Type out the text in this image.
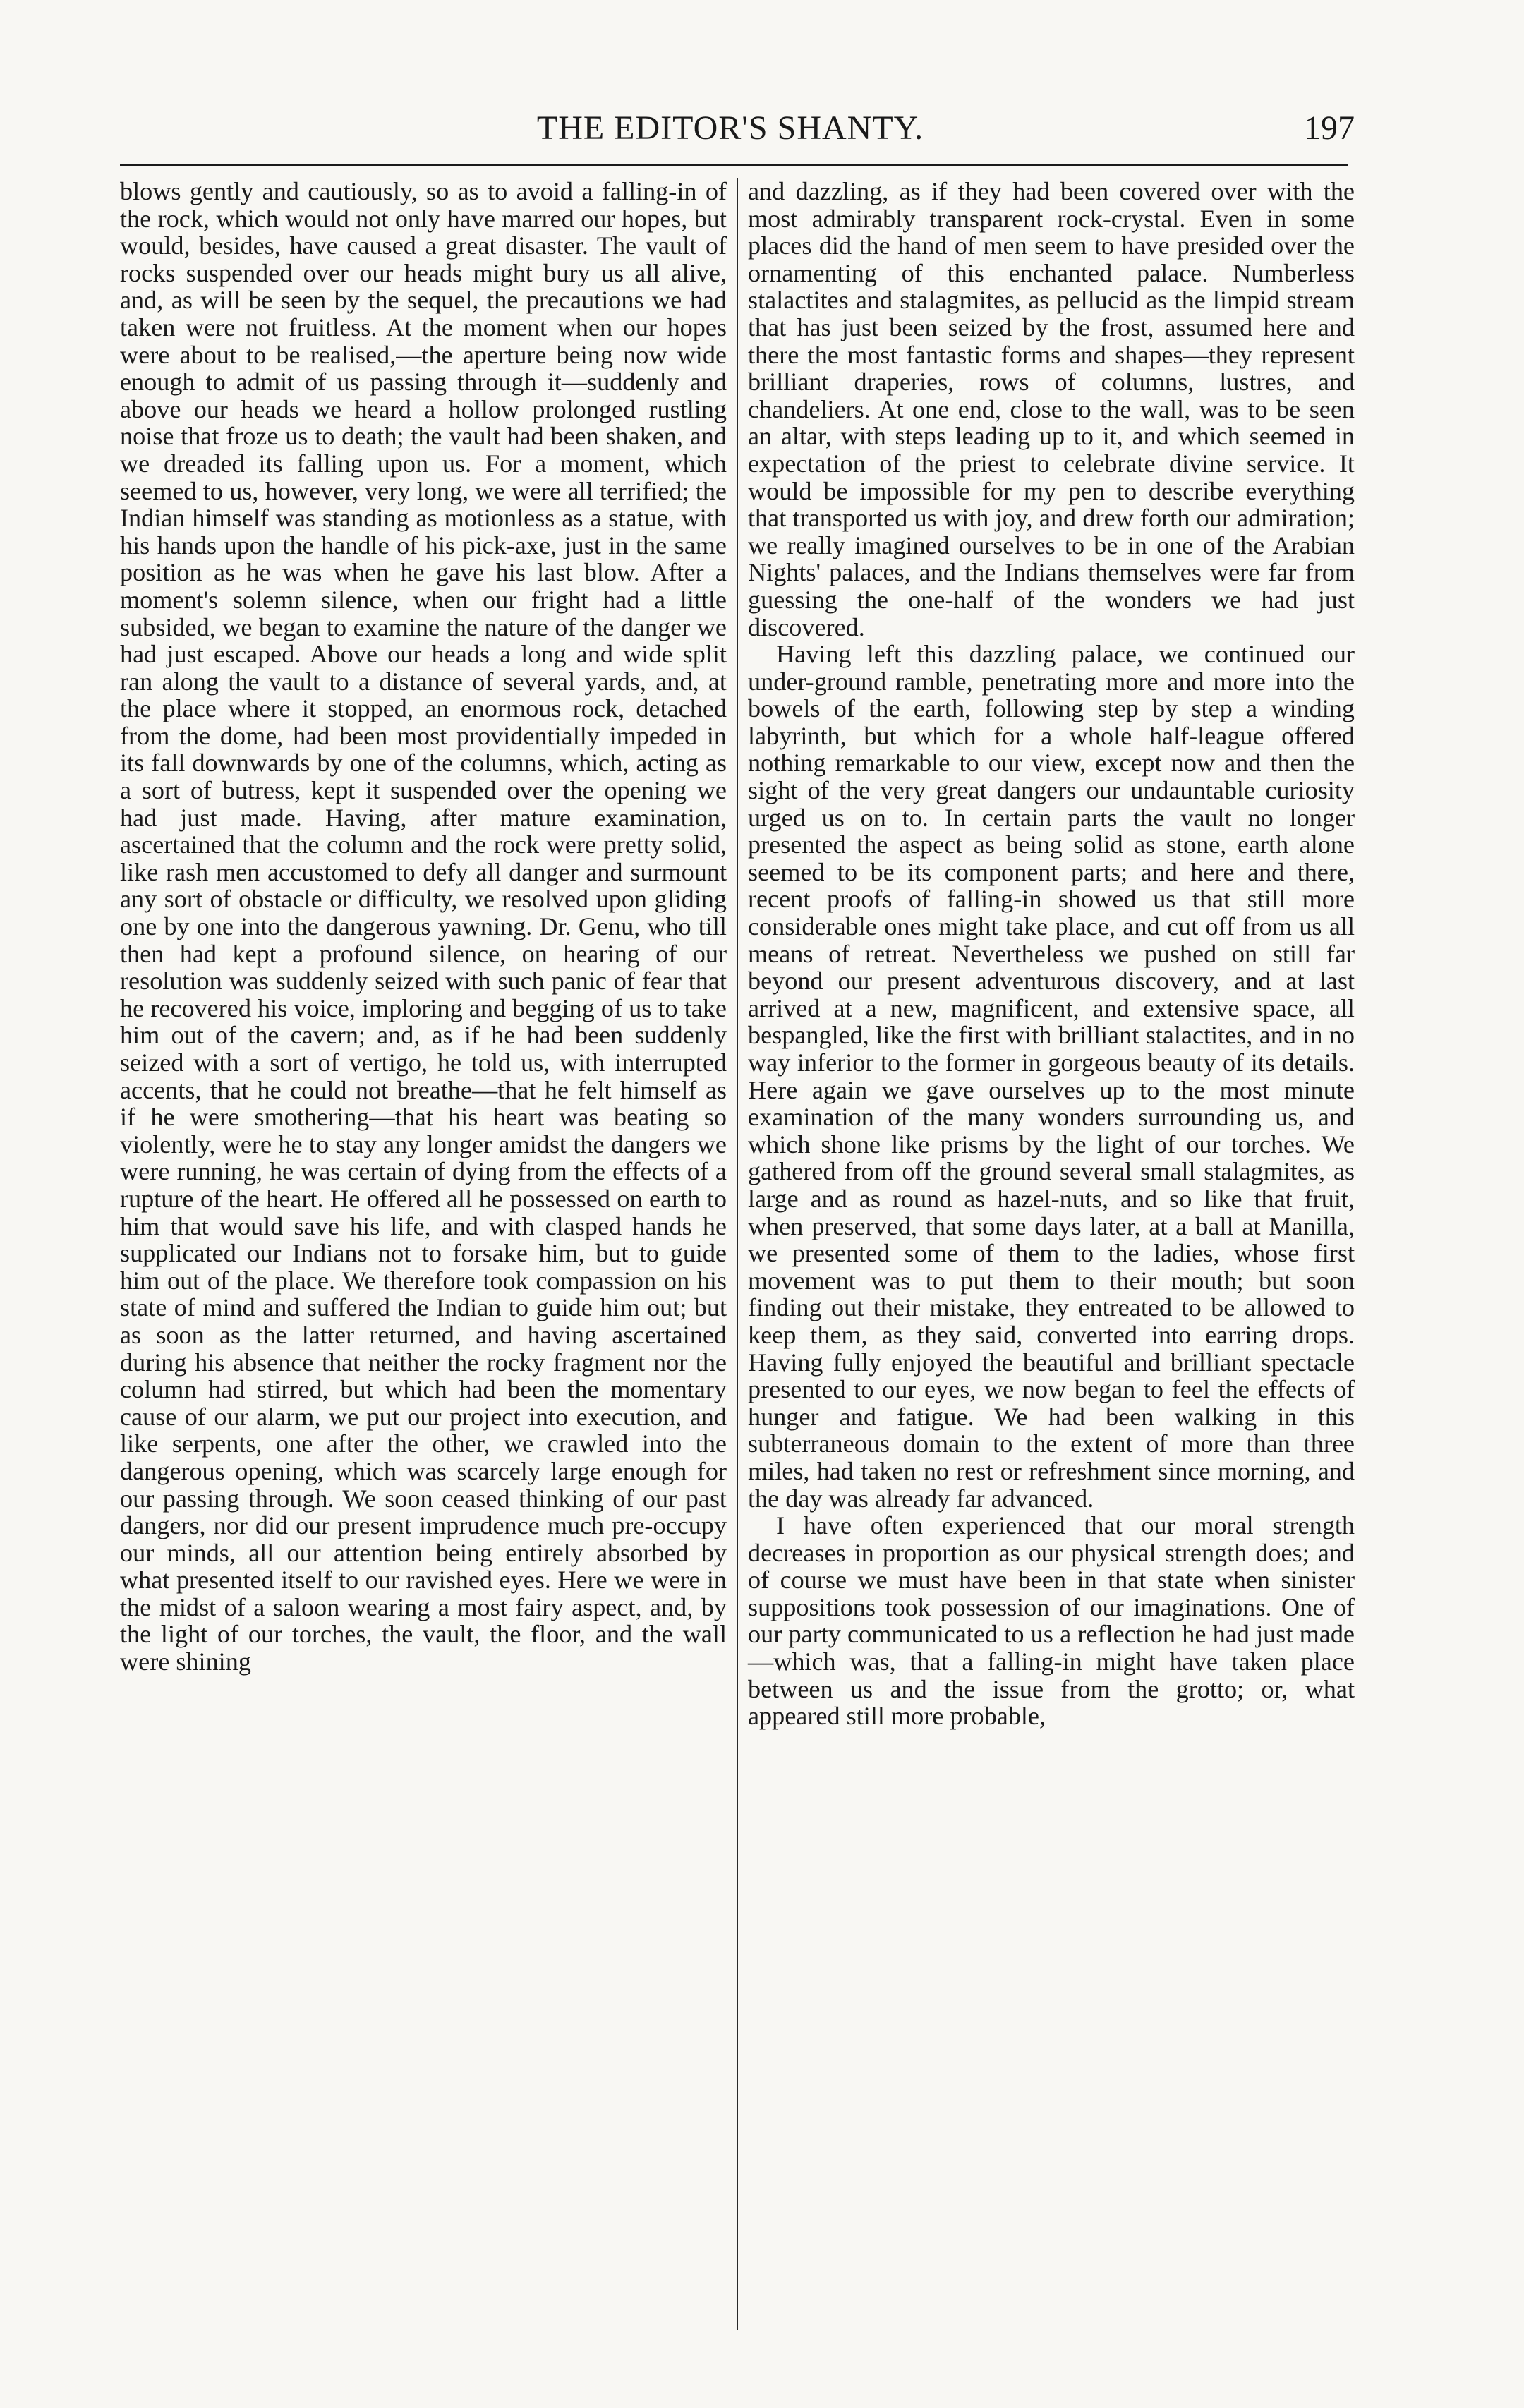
THE EDITOR'S SHANTY.	197

blows gently and cautiously, so as to avoid a falling-in of the rock, which would not only have marred our hopes, but would, besides, have caused a great disaster. The vault of rocks suspended over our heads might bury us all alive, and, as will be seen by the sequel, the precautions we had taken were not fruitless. At the moment when our hopes were about to be realised,—the aperture being now wide enough to admit of us passing through it—suddenly and above our heads we heard a hollow prolonged rustling noise that froze us to death; the vault had been shaken, and we dreaded its falling upon us. For a moment, which seemed to us, however, very long, we were all terrified; the Indian himself was standing as motionless as a statue, with his hands upon the handle of his pick-axe, just in the same position as he was when he gave his last blow. After a moment's solemn silence, when our fright had a little subsided, we began to examine the nature of the danger we had just escaped. Above our heads a long and wide split ran along the vault to a distance of several yards, and, at the place where it stopped, an enormous rock, detached from the dome, had been most providentially impeded in its fall downwards by one of the columns, which, acting as a sort of butress, kept it suspended over the opening we had just made. Having, after mature examination, ascertained that the column and the rock were pretty solid, like rash men accustomed to defy all danger and surmount any sort of obstacle or difficulty, we resolved upon gliding one by one into the dangerous yawning. Dr. Genu, who till then had kept a profound silence, on hearing of our resolution was suddenly seized with such panic of fear that he recovered his voice, imploring and begging of us to take him out of the cavern; and, as if he had been suddenly seized with a sort of vertigo, he told us, with interrupted accents, that he could not breathe—that he felt himself as if he were smothering—that his heart was beating so violently, were he to stay any longer amidst the dangers we were running, he was certain of dying from the effects of a rupture of the heart. He offered all he possessed on earth to him that would save his life, and with clasped hands he supplicated our Indians not to forsake him, but to guide him out of the place. We therefore took compassion on his state of mind and suffered the Indian to guide him out; but as soon as the latter returned, and having ascertained during his absence that neither the rocky fragment nor the column had stirred, but which had been the momentary cause of our alarm, we put our project into execution, and like serpents, one after the other, we crawled into the dangerous opening, which was scarcely large enough for our passing through. We soon ceased thinking of our past dangers, nor did our present imprudence much pre-occupy our minds, all our attention being entirely absorbed by what presented itself to our ravished eyes. Here we were in the midst of a saloon wearing a most fairy aspect, and, by the light of our torches, the vault, the floor, and the wall were shining

and dazzling, as if they had been covered over with the most admirably transparent rock-crystal. Even in some places did the hand of men seem to have presided over the ornamenting of this enchanted palace. Numberless stalactites and stalagmites, as pellucid as the limpid stream that has just been seized by the frost, assumed here and there the most fantastic forms and shapes—they represent brilliant draperies, rows of columns, lustres, and chandeliers. At one end, close to the wall, was to be seen an altar, with steps leading up to it, and which seemed in expectation of the priest to celebrate divine service. It would be impossible for my pen to describe everything that transported us with joy, and drew forth our admiration; we really imagined ourselves to be in one of the Arabian Nights' palaces, and the Indians themselves were far from guessing the one-half of the wonders we had just discovered.

Having left this dazzling palace, we continued our under-ground ramble, penetrating more and more into the bowels of the earth, following step by step a winding labyrinth, but which for a whole half-league offered nothing remarkable to our view, except now and then the sight of the very great dangers our undauntable curiosity urged us on to. In certain parts the vault no longer presented the aspect as being solid as stone, earth alone seemed to be its component parts; and here and there, recent proofs of falling-in showed us that still more considerable ones might take place, and cut off from us all means of retreat. Nevertheless we pushed on still far beyond our present adventurous discovery, and at last arrived at a new, magnificent, and extensive space, all bespangled, like the first with brilliant stalactites, and in no way inferior to the former in gorgeous beauty of its details. Here again we gave ourselves up to the most minute examination of the many wonders surrounding us, and which shone like prisms by the light of our torches. We gathered from off the ground several small stalagmites, as large and as round as hazel-nuts, and so like that fruit, when preserved, that some days later, at a ball at Manilla, we presented some of them to the ladies, whose first movement was to put them to their mouth; but soon finding out their mistake, they entreated to be allowed to keep them, as they said, converted into earring drops. Having fully enjoyed the beautiful and brilliant spectacle presented to our eyes, we now began to feel the effects of hunger and fatigue. We had been walking in this subterraneous domain to the extent of more than three miles, had taken no rest or refreshment since morning, and the day was already far advanced.

I have often experienced that our moral strength decreases in proportion as our physical strength does; and of course we must have been in that state when sinister suppositions took possession of our imaginations. One of our party communicated to us a reflection he had just made—which was, that a falling-in might have taken place between us and the issue from the grotto; or, what appeared still more probable,
